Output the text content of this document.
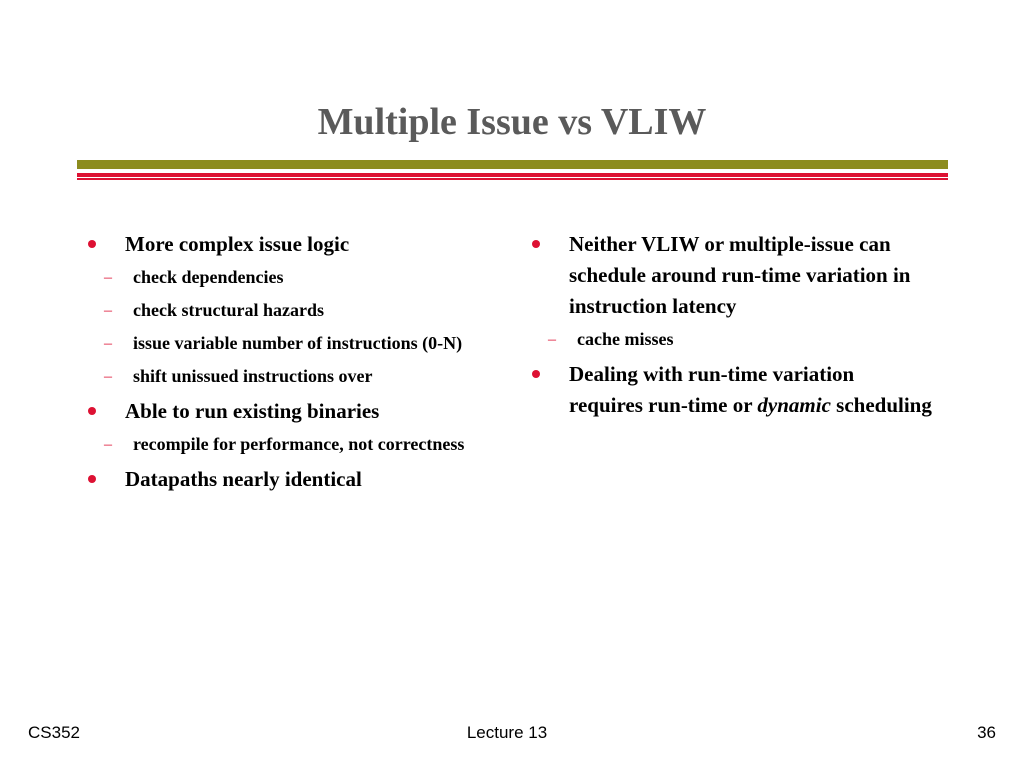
Multiple Issue vs VLIW
More complex issue logic
– check dependencies
– check structural hazards
– issue variable number of instructions (0-N)
– shift unissued instructions over
Able to run existing binaries
– recompile for performance, not correctness
Datapaths nearly identical
Neither VLIW or multiple-issue can schedule around run-time variation in instruction latency
– cache misses
Dealing with run-time variation requires run-time or dynamic scheduling
CS352	Lecture 13	36
